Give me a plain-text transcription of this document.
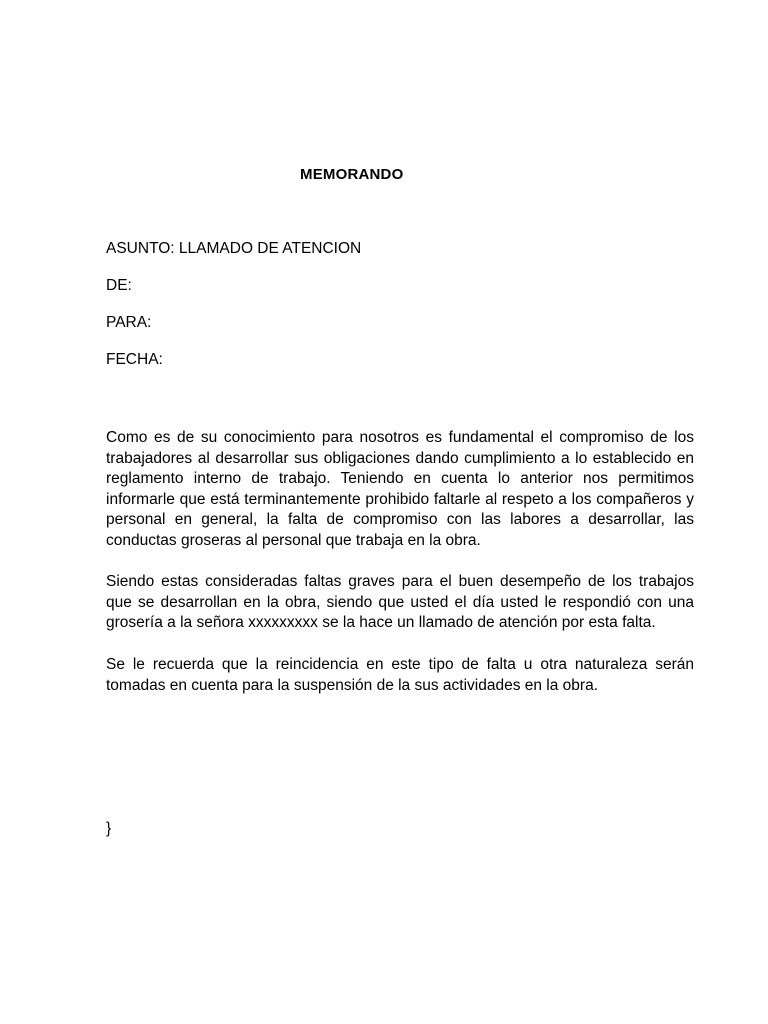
MEMORANDO
ASUNTO: LLAMADO DE ATENCION
DE:
PARA:
FECHA:

Como es de su conocimiento para nosotros es fundamental el compromiso de los trabajadores al desarrollar sus obligaciones dando cumplimiento a lo establecido en reglamento interno de trabajo. Teniendo en cuenta lo anterior nos permitimos informarle que está terminantemente prohibido faltarle al respeto a los compañeros y personal en general, la falta de compromiso con las labores a desarrollar, las conductas groseras al personal que trabaja en la obra.

Siendo estas consideradas faltas graves para el buen desempeño de los trabajos que se desarrollan en la obra, siendo que usted el día usted le respondió con una grosería a la señora xxxxxxxxx se la hace un llamado de atención por esta falta.

Se le recuerda que la reincidencia en este tipo de falta u otra naturaleza serán tomadas en cuenta para la suspensión de la sus actividades en la obra.

}
